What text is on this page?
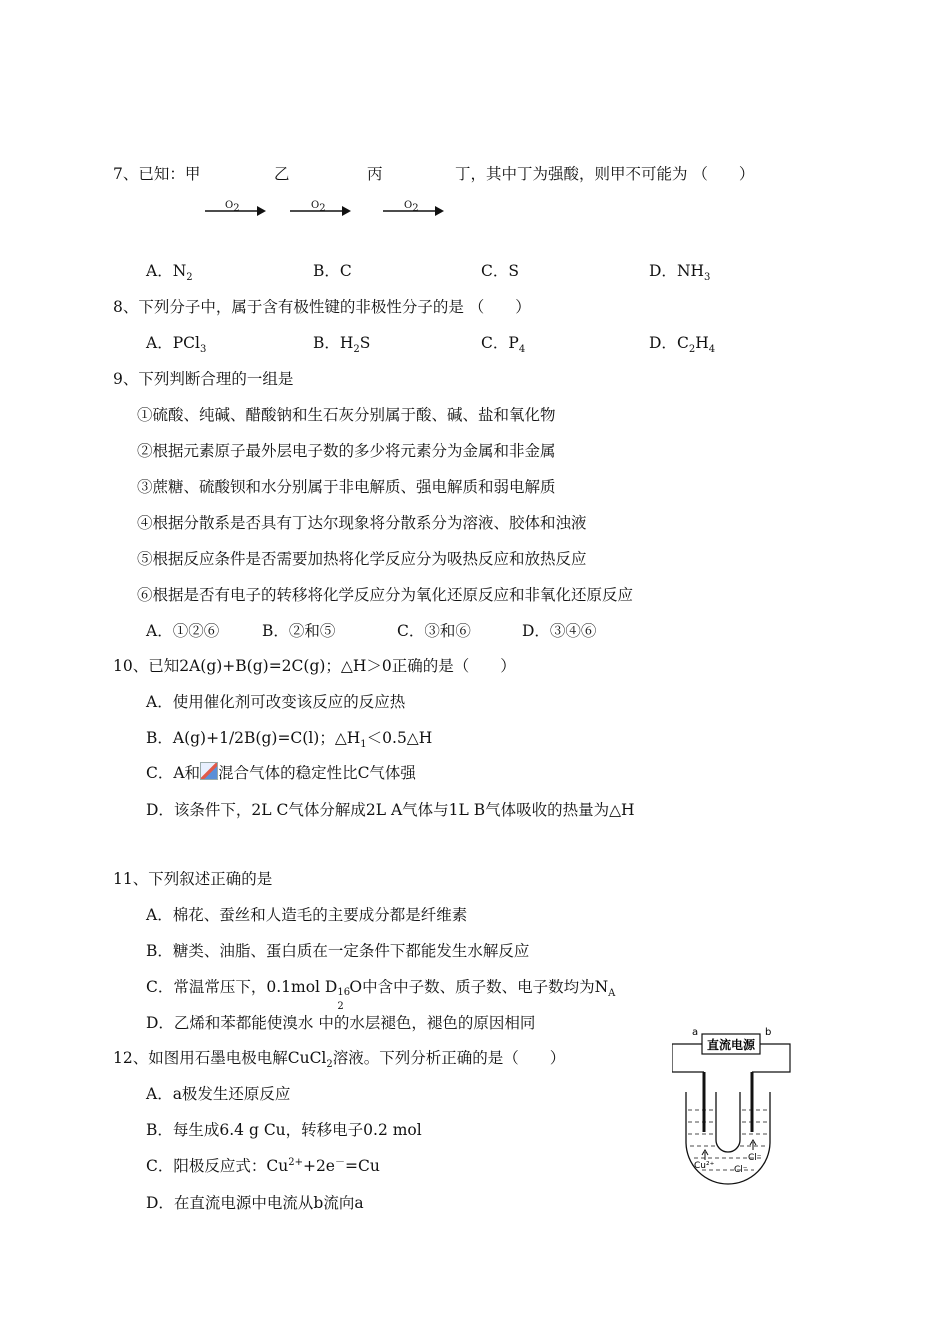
7、已知：甲	乙	丙	丁，其中丁为强酸，则甲不可能为 （　　）
$O_2$	$O_2$	$O_2$
A．$N_2$	B．C	C．S	D．$NH_3$
8、下列分子中，属于含有极性键的非极性分子的是 （　　）
A．PCl$_3$	B．$H_2S$	C．$P_4$	D．$C_2H_4$
9、下列判断合理的一组是
①硫酸、纯碱、醋酸钠和生石灰分别属于酸、碱、盐和氧化物
②根据元素原子最外层电子数的多少将元素分为金属和非金属
③蔗糖、硫酸钡和水分别属于非电解质、强电解质和弱电解质
④根据分散系是否具有丁达尔现象将分散系分为溶液、胶体和浊液
⑤根据反应条件是否需要加热将化学反应分为吸热反应和放热反应
⑥根据是否有电子的转移将化学反应分为氧化还原反应和非氧化还原反应
A．①②⑥	B．②和⑤	C．③和⑥	D．③④⑥
10、已知2A(g)+B(g)=2C(g)；△H＞0正确的是（　　）
A．使用催化剂可改变该反应的反应热
B．A(g)+1/2B(g)=C(l)；$\triangle H_1<0.5\triangle H$
C．A和 混合气体的稳定性比C气体强
D．该条件下，2L C气体分解成2L A气体与1L B气体吸收的热量为△H
11、下列叙述正确的是
A．棉花、蚕丝和人造毛的主要成分都是纤维素
B．糖类、油脂、蛋白质在一定条件下都能发生水解反应
C．常温常压下，0.1mol D 16
2
O中含中子数、质子数、电子数均为$N_A$
D．乙烯和苯都能使溴水 中的水层褪色，褪色的原因相同
12、如图用石墨电极电解CuCl$_2$溶液。下列分析正确的是（　　）
A．a极发生还原反应
B．每生成6.4 g Cu，转移电子0.2 mol
C．阳极反应式：$Cu^{2+}+2e^-=Cu$
D．在直流电源中电流从b流向a
直流电源
a	b
Cu²⁺
Cl⁻
Cl⁻
